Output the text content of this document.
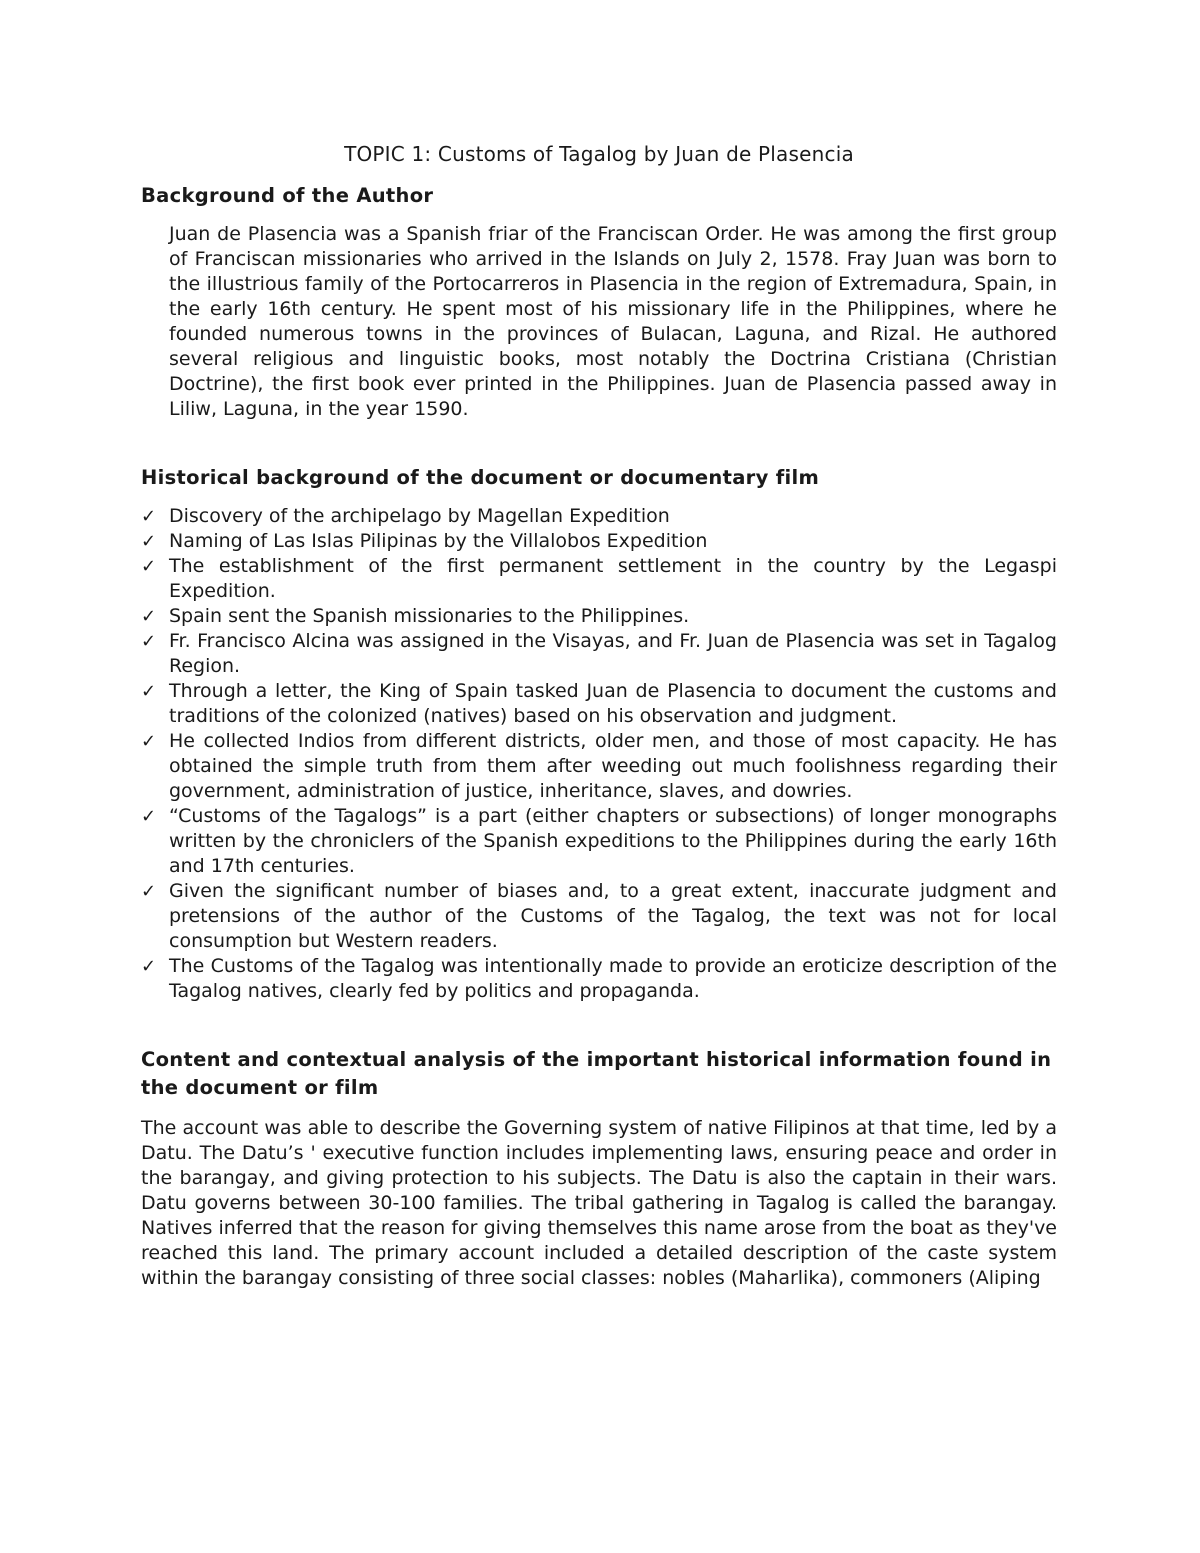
TOPIC 1: Customs of Tagalog by Juan de Plasencia
Background of the Author

Juan de Plasencia was a Spanish friar of the Franciscan Order. He was among the first group of Franciscan missionaries who arrived in the Islands on July 2, 1578. Fray Juan was born to the illustrious family of the Portocarreros in Plasencia in the region of Extremadura, Spain, in the early 16th century. He spent most of his missionary life in the Philippines, where he founded numerous towns in the provinces of Bulacan, Laguna, and Rizal. He authored several religious and linguistic books, most notably the Doctrina Cristiana (Christian Doctrine), the first book ever printed in the Philippines. Juan de Plasencia passed away in Liliw, Laguna, in the year 1590.

Historical background of the document or documentary film
✓ Discovery of the archipelago by Magellan Expedition
✓ Naming of Las Islas Pilipinas by the Villalobos Expedition
✓ The establishment of the first permanent settlement in the country by the Legaspi Expedition.
✓ Spain sent the Spanish missionaries to the Philippines.
✓ Fr. Francisco Alcina was assigned in the Visayas, and Fr. Juan de Plasencia was set in Tagalog Region.
✓ Through a letter, the King of Spain tasked Juan de Plasencia to document the customs and traditions of the colonized (natives) based on his observation and judgment.
✓ He collected Indios from different districts, older men, and those of most capacity. He has obtained the simple truth from them after weeding out much foolishness regarding their government, administration of justice, inheritance, slaves, and dowries.
✓ “Customs of the Tagalogs” is a part (either chapters or subsections) of longer monographs written by the chroniclers of the Spanish expeditions to the Philippines during the early 16th and 17th centuries.
✓ Given the significant number of biases and, to a great extent, inaccurate judgment and pretensions of the author of the Customs of the Tagalog, the text was not for local consumption but Western readers.
✓ The Customs of the Tagalog was intentionally made to provide an eroticize description of the Tagalog natives, clearly fed by politics and propaganda.
Content and contextual analysis of the important historical information found in the document or film

The account was able to describe the Governing system of native Filipinos at that time, led by a Datu. The Datu’s ' executive function includes implementing laws, ensuring peace and order in the barangay, and giving protection to his subjects. The Datu is also the captain in their wars. Datu governs between 30-100 families. The tribal gathering in Tagalog is called the barangay. Natives inferred that the reason for giving themselves this name arose from the boat as they've reached this land. The primary account included a detailed description of the caste system within the barangay consisting of three social classes: nobles (Maharlika), commoners (Aliping
